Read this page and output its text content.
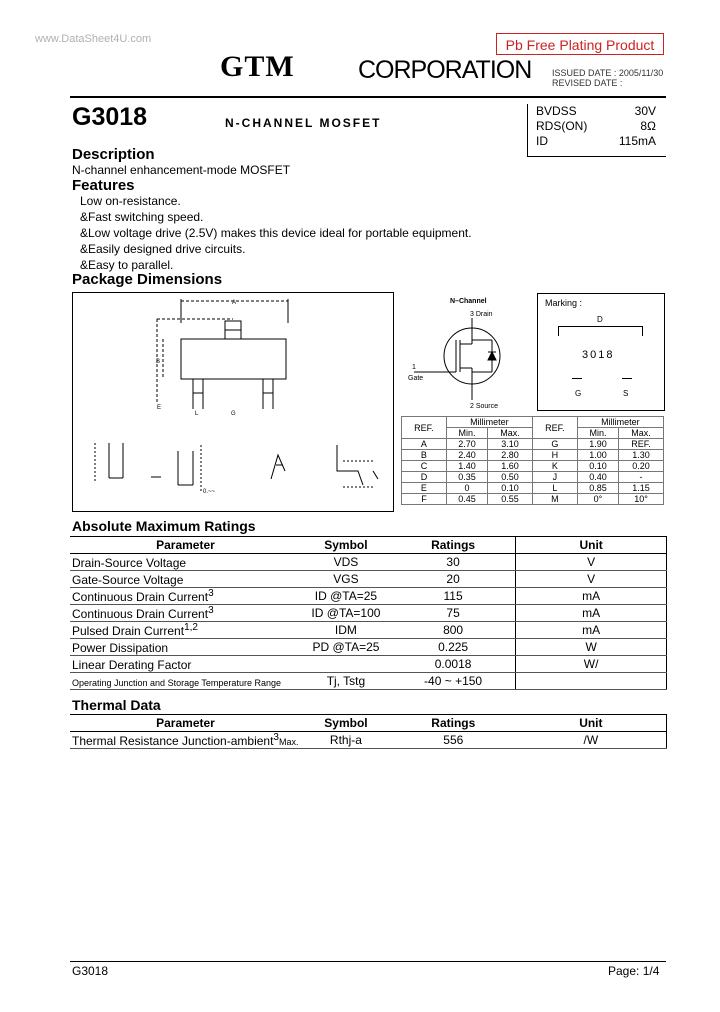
www.DataSheet4U.com	Pb Free Plating Product
GTM	CORPORATION ISSUED DATE : 2005/11/30
REVISED DATE :
G3018	N-CHANNEL MOSFET
BVDSS	30V
RDS(ON)	8Ω
ID	115mA
Description
N-channel enhancement-mode MOSFET
Features
Low on-resistance.
&Fast switching speed.
&Low voltage drive (2.5V) makes this device ideal for portable equipment.
&Easily designed drive circuits.
&Easy to parallel.
Package Dimensions
A
B
E
L	G
0.~~
N–Channel
3 Drain
1
Gate
2 Source
Marking :
D
3018
G	S
REF.	Millimeter		REF.	Millimeter	
	Min.	Max.		Min.	Max.
A	2.70	3.10	G	1.90	REF.
B	2.40	2.80	H	1.00	1.30
C	1.40	1.60	K	0.10	0.20
D	0.35	0.50	J	0.40	-
E	0	0.10	L	0.85	1.15
F	0.45	0.55	M	0°	10°
Absolute Maximum Ratings
Parameter	Symbol	Ratings	Unit
Drain-Source Voltage	VDS	30	V
Gate-Source Voltage	VGS	20	V
Continuous Drain Current$^3$	ID @TA=25	115	mA
Continuous Drain Current$^3$	ID @TA=100	75	mA
Pulsed Drain Current$^{1,2}$	IDM	800	mA
Power Dissipation	PD @TA=25	0.225	W
Linear Derating Factor		0.0018	W/
Operating Junction and Storage Temperature Range	Tj, Tstg	-40 ~ +150	
Thermal Data
Parameter	Symbol	Ratings	Unit
Thermal Resistance Junction-ambient$^3$Max.	Rthj-a	556	/W
G3018	Page: 1/4
